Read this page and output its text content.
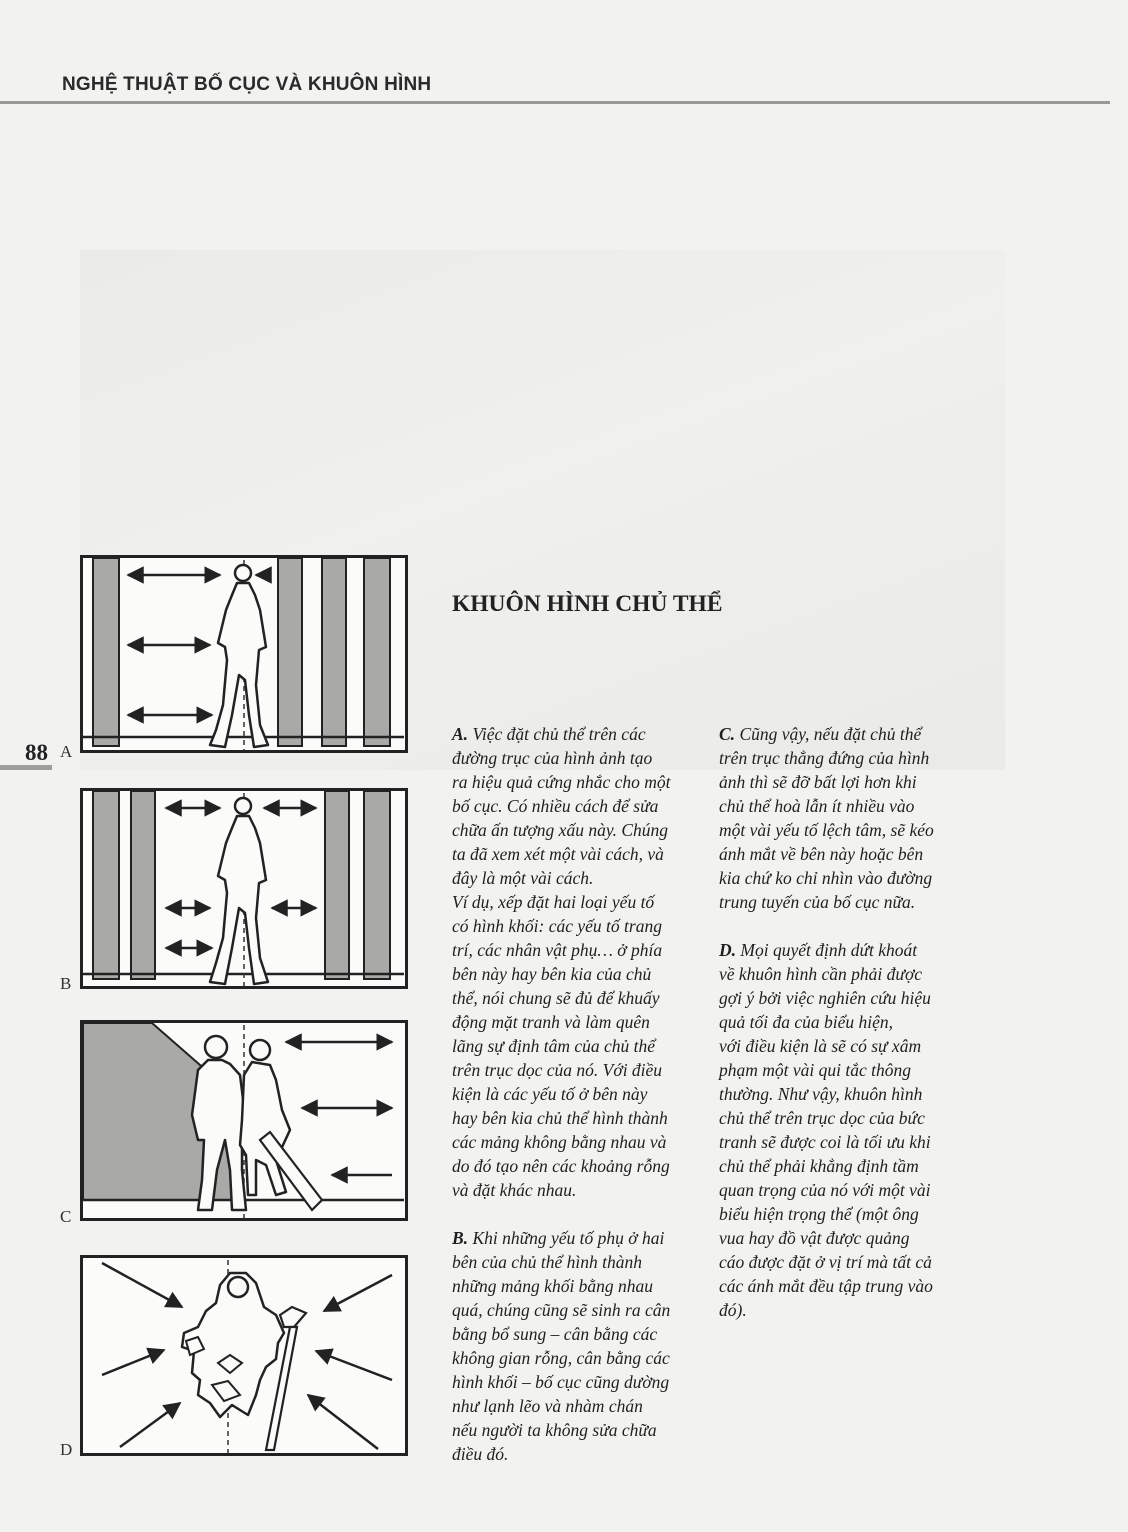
NGHỆ THUẬT BỐ CỤC VÀ KHUÔN HÌNH
88 A
B
C
D
KHUÔN HÌNH CHỦ THỂ
A. Việc đặt chủ thể trên các
đường trục của hình ảnh tạo
ra hiệu quả cứng nhắc cho một
bố cục. Có nhiều cách để sửa
chữa ấn tượng xấu này. Chúng
ta đã xem xét một vài cách, và
đây là một vài cách.
Ví dụ, xếp đặt hai loại yếu tố
có hình khối: các yếu tố trang
trí, các nhân vật phụ… ở phía
bên này hay bên kia của chủ
thể, nói chung sẽ đủ để khuấy
động mặt tranh và làm quên
lãng sự định tâm của chủ thể
trên trục dọc của nó. Với điều
kiện là các yếu tố ở bên này
hay bên kia chủ thể hình thành
các mảng không bằng nhau và
do đó tạo nên các khoảng rỗng
và đặt khác nhau.
B. Khi những yếu tố phụ ở hai
bên của chủ thể hình thành
những mảng khối bằng nhau
quá, chúng cũng sẽ sinh ra cân
bằng bổ sung – cân bằng các
không gian rỗng, cân bằng các
hình khối – bố cục cũng dường
như lạnh lẽo và nhàm chán
nếu người ta không sửa chữa
điều đó.
C. Cũng vậy, nếu đặt chủ thể
trên trục thẳng đứng của hình
ảnh thì sẽ đỡ bất lợi hơn khi
chủ thể hoà lẫn ít nhiều vào
một vài yếu tố lệch tâm, sẽ kéo
ánh mắt về bên này hoặc bên
kia chứ ko chỉ nhìn vào đường
trung tuyến của bố cục nữa.
D. Mọi quyết định dứt khoát
về khuôn hình cần phải được
gợi ý bởi việc nghiên cứu hiệu
quả tối đa của biểu hiện,
với điều kiện là sẽ có sự xâm
phạm một vài qui tắc thông
thường. Như vậy, khuôn hình
chủ thể trên trục dọc của bức
tranh sẽ được coi là tối ưu khi
chủ thể phải khẳng định tầm
quan trọng của nó với một vài
biểu hiện trọng thể (một ông
vua hay đồ vật được quảng
cáo được đặt ở vị trí mà tất cả
các ánh mắt đều tập trung vào
đó).
